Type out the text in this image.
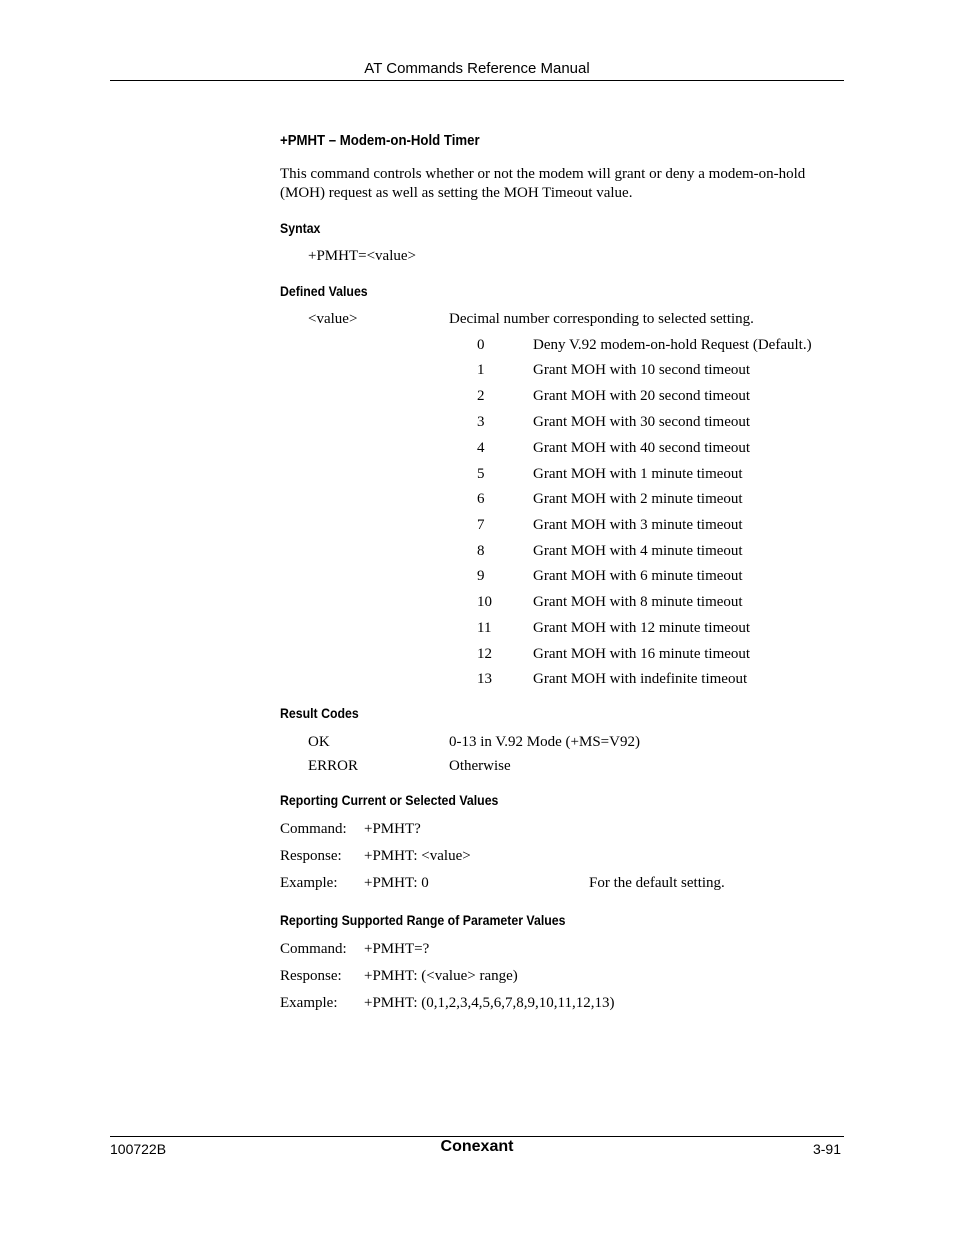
AT Commands Reference Manual
+PMHT – Modem-on-Hold Timer
This command controls whether or not the modem will grant or deny a modem-on-hold
(MOH) request as well as setting the MOH Timeout value.
Syntax
+PMHT=<value>
Defined Values
<value>	Decimal number corresponding to selected setting.
0	Deny V.92 modem-on-hold Request (Default.)
1	Grant MOH with 10 second timeout
2	Grant MOH with 20 second timeout
3	Grant MOH with 30 second timeout
4	Grant MOH with 40 second timeout
5	Grant MOH with 1 minute timeout
6	Grant MOH with 2 minute timeout
7	Grant MOH with 3 minute timeout
8	Grant MOH with 4 minute timeout
9	Grant MOH with 6 minute timeout
10	Grant MOH with 8 minute timeout
11	Grant MOH with 12 minute timeout
12	Grant MOH with 16 minute timeout
13	Grant MOH with indefinite timeout
Result Codes
OK	0-13 in V.92 Mode (+MS=V92)
ERROR	Otherwise
Reporting Current or Selected Values
Command: +PMHT?
Response: +PMHT: <value>
Example: +PMHT: 0	For the default setting.
Reporting Supported Range of Parameter Values
Command: +PMHT=?
Response: +PMHT: (<value> range)
Example: +PMHT: (0,1,2,3,4,5,6,7,8,9,10,11,12,13)
100722B	Conexant	3-91
